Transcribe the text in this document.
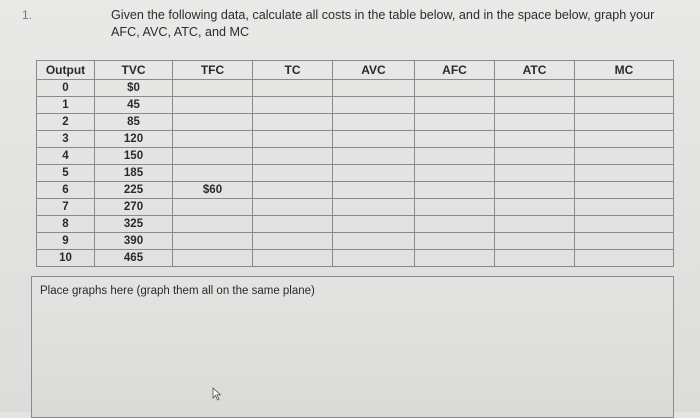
1.	Given the following data, calculate all costs in the table below, and in the space below, graph your AFC, AVC, ATC, and MC
Output	TVC	TFC	TC	AVC	AFC	ATC	MC
0	$0						
1	45						
2	85						
3	120						
4	150						
5	185						
6	225	$60					
7	270						
8	325						
9	390						
10	465						
Place graphs here (graph them all on the same plane)
